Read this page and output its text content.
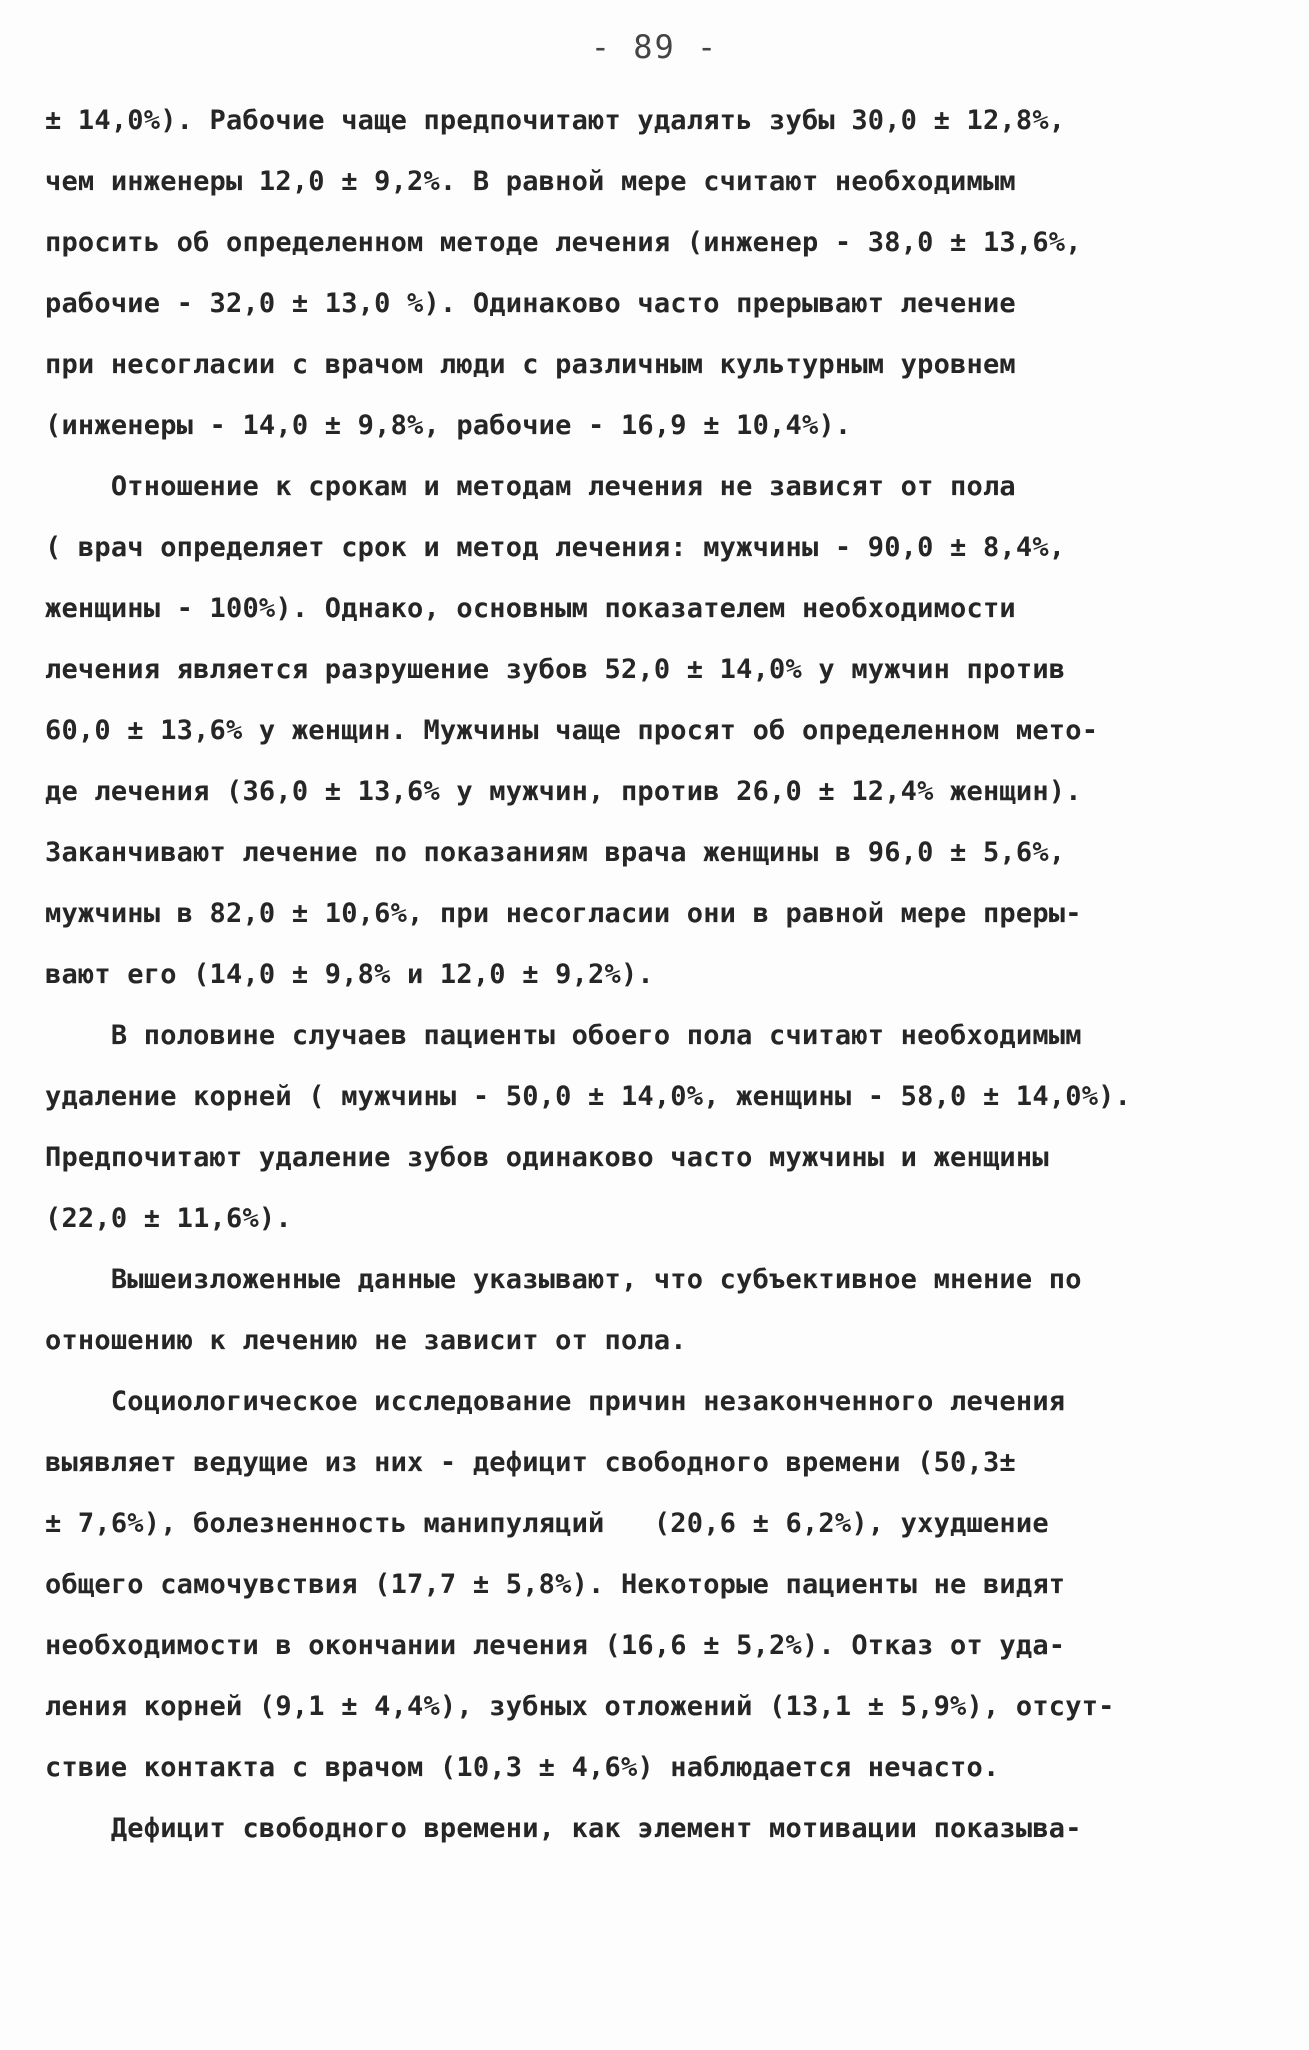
- 89 -
± 14,0%). Рабочие чаще предпочитают удалять зубы 30,0 ± 12,8%,
чем инженеры 12,0 ± 9,2%. В равной мере считают необходимым
просить об определенном методе лечения (инженер - 38,0 ± 13,6%,
рабочие - 32,0 ± 13,0 %). Одинаково часто прерывают лечение
при несогласии с врачом люди с различным культурным уровнем
(инженеры - 14,0 ± 9,8%, рабочие - 16,9 ± 10,4%).
Отношение к срокам и методам лечения не зависят от пола
( врач определяет срок и метод лечения: мужчины - 90,0 ± 8,4%,
женщины - 100%). Однако, основным показателем необходимости
лечения является разрушение зубов 52,0 ± 14,0% у мужчин против
60,0 ± 13,6% у женщин. Мужчины чаще просят об определенном мето-
де лечения (36,0 ± 13,6% у мужчин, против 26,0 ± 12,4% женщин).
Заканчивают лечение по показаниям врача женщины в 96,0 ± 5,6%,
мужчины в 82,0 ± 10,6%, при несогласии они в равной мере преры-
вают его (14,0 ± 9,8% и 12,0 ± 9,2%).
В половине случаев пациенты обоего пола считают необходимым
удаление корней ( мужчины - 50,0 ± 14,0%, женщины - 58,0 ± 14,0%).
Предпочитают удаление зубов одинаково часто мужчины и женщины
(22,0 ± 11,6%).
Вышеизложенные данные указывают, что субъективное мнение по
отношению к лечению не зависит от пола.
Социологическое исследование причин незаконченного лечения
выявляет ведущие из них - дефицит свободного времени (50,3±
± 7,6%), болезненность манипуляций   (20,6 ± 6,2%), ухудшение
общего самочувствия (17,7 ± 5,8%). Некоторые пациенты не видят
необходимости в окончании лечения (16,6 ± 5,2%). Отказ от уда-
ления корней (9,1 ± 4,4%), зубных отложений (13,1 ± 5,9%), отсут-
ствие контакта с врачом (10,3 ± 4,6%) наблюдается нечасто.
Дефицит свободного времени, как элемент мотивации показыва-
